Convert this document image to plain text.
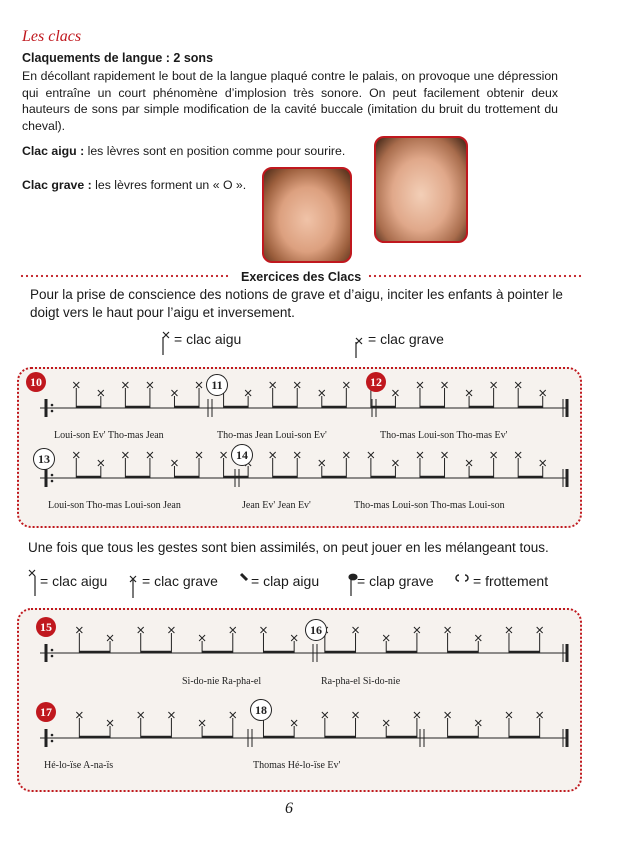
Les clacs
Claquements de langue : 2 sons
En décollant rapidement le bout de la langue plaqué contre le palais, on provoque une dépression qui entraîne un court phénomène d’implosion très sonore. On peut facilement obtenir deux hauteurs de sons par simple modification de la cavité buccale (imitation du bruit du trottement du cheval).
Clac aigu : les lèvres sont en position comme pour sourire.
Clac grave : les lèvres forment un « O ».
Exercices des Clacs
Pour la prise de conscience des notions de grave et d’aigu, inciter les enfants à pointer le doigt vers le haut pour l’aigu et inversement.
= clac aigu	= clac grave
Une fois que tous les gestes sont bien assimilés, on peut jouer en les mélangeant tous.
= clac aigu = clac grave = clap aigu	= clap grave	= frottement
10	11	12
13	14
15	16
17	18
Loui-son Ev' Tho-mas Jean	Tho-mas Jean Loui-son Ev'	Tho-mas Loui-son Tho-mas Ev'
Loui-son Tho-mas Loui-son Jean	Jean Ev' Jean Ev'	Tho-mas Loui-son Tho-mas Loui-son
Si-do-nie Ra-pha-el	Ra-pha-el Si-do-nie
Hé-lo-ïse A-na-ïs	Thomas Hé-lo-ïse Ev'
6
